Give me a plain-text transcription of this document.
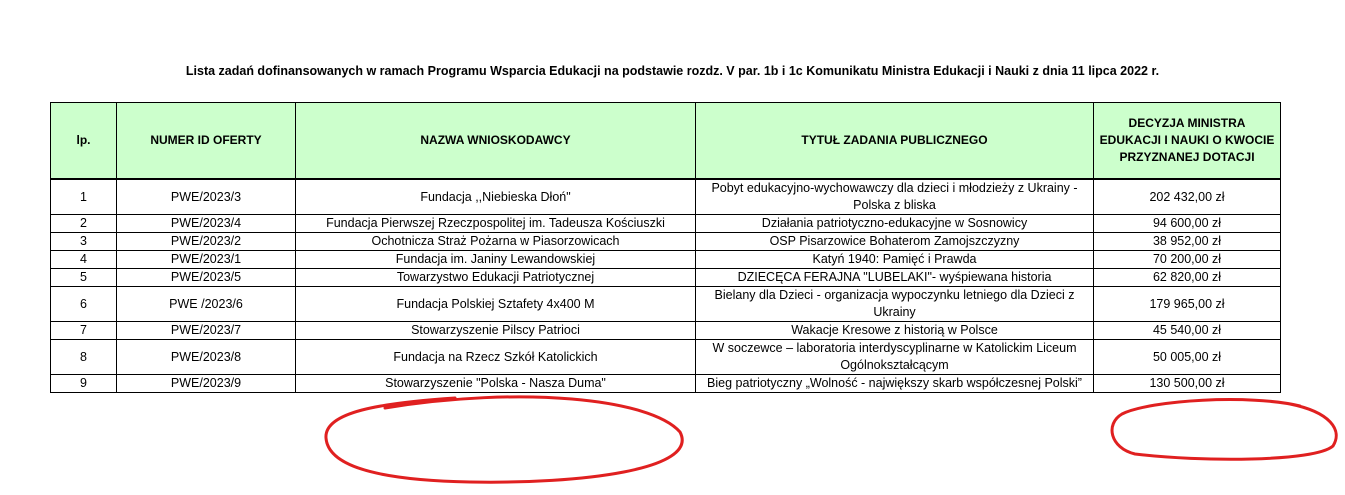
Lista zadań dofinansowanych w ramach Programu Wsparcia Edukacji na podstawie rozdz. V par. 1b i 1c Komunikatu Ministra Edukacji i Nauki z dnia 11 lipca 2022 r.
lp.	NUMER ID OFERTY	NAZWA WNIOSKODAWCY	TYTUŁ ZADANIA PUBLICZNEGO	DECYZJA MINISTRA EDUKACJI I NAUKI O KWOCIE PRZYZNANEJ DOTACJI
1	PWE/2023/3	Fundacja ,,Niebieska Dłoń"	Pobyt edukacyjno-wychowawczy dla dzieci i młodzieży z Ukrainy - Polska z bliska	202 432,00 zł
2	PWE/2023/4	Fundacja Pierwszej Rzeczpospolitej im. Tadeusza Kościuszki	Działania patriotyczno-edukacyjne w Sosnowicy	94 600,00 zł
3	PWE/2023/2	Ochotnicza Straż Pożarna w Piasorzowicach	OSP Pisarzowice Bohaterom Zamojszczyzny	38 952,00 zł
4	PWE/2023/1	Fundacja im. Janiny Lewandowskiej	Katyń 1940: Pamięć i Prawda	70 200,00 zł
5	PWE/2023/5	Towarzystwo Edukacji Patriotycznej	DZIECĘCA FERAJNA "LUBELAKI"- wyśpiewana historia	62 820,00 zł
6	PWE /2023/6	Fundacja Polskiej Sztafety 4x400 M	Bielany dla Dzieci - organizacja wypoczynku letniego dla Dzieci z Ukrainy	179 965,00 zł
7	PWE/2023/7	Stowarzyszenie Pilscy Patrioci	Wakacje Kresowe z historią w Polsce	45 540,00 zł
8	PWE/2023/8	Fundacja na Rzecz Szkół Katolickich	W soczewce – laboratoria interdyscyplinarne w Katolickim Liceum Ogólnokształcącym	50 005,00 zł
9	PWE/2023/9	Stowarzyszenie "Polska - Nasza Duma"	Bieg patriotyczny „Wolność - największy skarb współczesnej Polski”	130 500,00 zł
